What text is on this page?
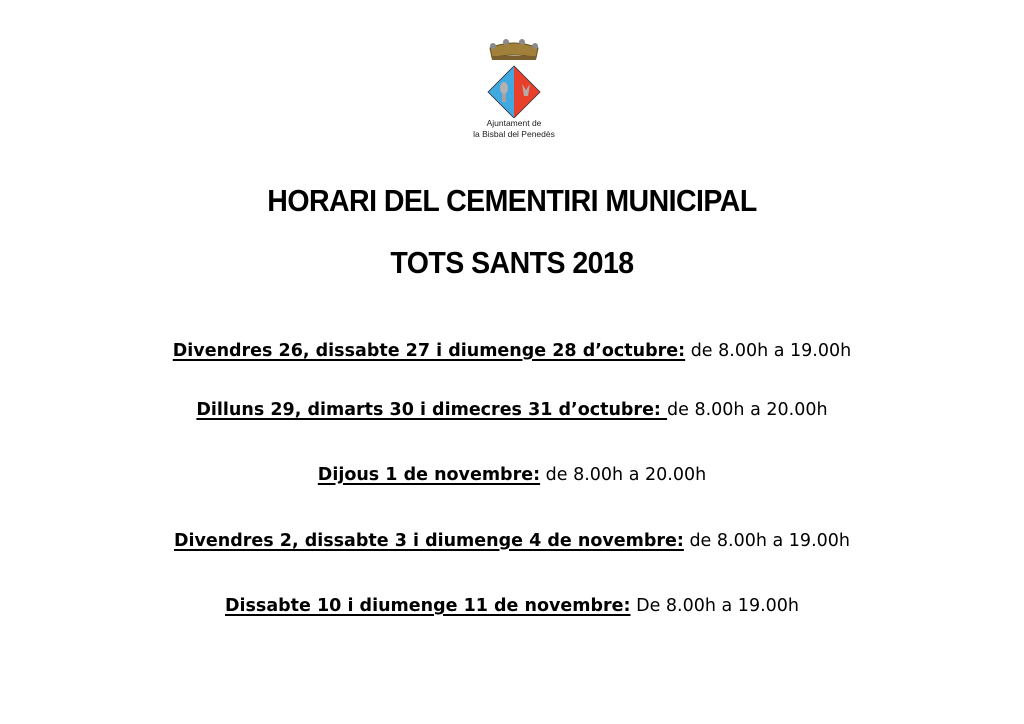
Ajuntament de
la Bisbal del Penedès
HORARI DEL CEMENTIRI MUNICIPAL
TOTS SANTS 2018
Divendres 26, dissabte 27 i diumenge 28 d’octubre: de 8.00h a 19.00h
Dilluns 29, dimarts 30 i dimecres 31 d’octubre: de 8.00h a 20.00h
Dijous 1 de novembre: de 8.00h a 20.00h
Divendres 2, dissabte 3 i diumenge 4 de novembre: de 8.00h a 19.00h
Dissabte 10 i diumenge 11 de novembre: De 8.00h a 19.00h
